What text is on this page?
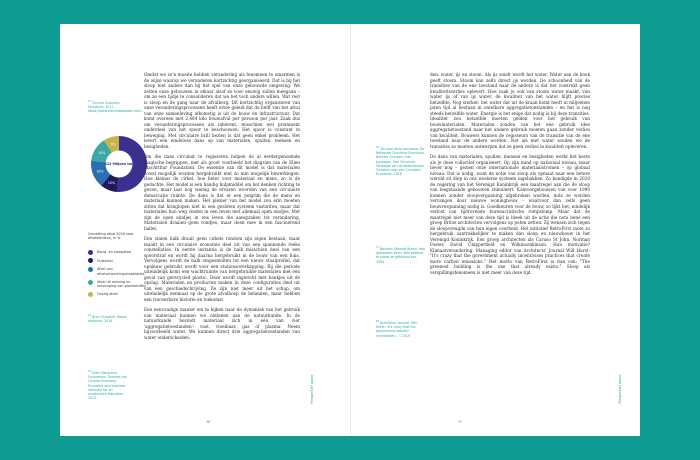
$^{13}$ Circular Economy Factsheet, 2017, https://www.wervelpadboek.com/...

10%
16%
14%
9%
412 Miljoen ton

Omzetting afval 2016 naar afvaldiensten, in %

Bouw- en sloopafval
Huisafval
Afval van afvalverwerkingsinstallaties
Afval uit winning en ontvanging van grondstoffen
Overig afval

$^{14}$ Bron: Eurostat, Waste statistics, 2018

$^{15}$ Ellen MacArthur Foundation, Towards the Circular Economy. Economic and business rationale for an accelerated transition, 2013

Omdat we zo'n moeite hebben verandering als fenomeen te omarmen is de wijze waarop we veranderen kortzichtig georganiseerd. Dat is bij het sloop niet anders dan bij het spel van onze gebouwde omgeving. We zetten onze gebouwen in elkaar alsof ze voor eeuwig zullen meegaan – om ze een tijdje te consolideren dat we het toch anders willen. Wat rest is sloop en de gang naar de afvalberg. Dit kortzichtig organiseren van onze veranderingsprocessen heeft ertoe geleid dat de helft van het afval van onze samenleving afkomstig is uit de bouw en infrastructuur. Dat komt overeen met 2.484 kilo bouwafval per persoon per jaar. Zaak dus om veranderingsprocessen als inherent, misschien wel prominent onderdeel van het spoor te beschouwen. Het spoor is constant in beweging. Met circulaire brill bezien is dat geen enkel probleem. Het levert een eindeloze dans op van materialen, spullen, mensen en bezigheden.

Om die dans circulair te regisseren helpen de al eerdergenoemde magische begrippen, met als groot voorbeeld het diagram van de Ellen MacArthur Foundation. De essentie van dit model is dat materialen zowel mogelijk worden hergebruikt met zo min mogelijk bewerkingen. Hoe kleiner de cirkel, hoe beter voor materiaal en mens, zo is de gedachte. Het model is een handig hulpmiddel om het denken richting te geven, maar laat nog weinig de ervaren woorden van een circulaire demarcatie ruimte. De dans is dat er een pelgrim die de mens en materiaal kunnen maken. Het plezier van het model zou erin moeten zitten dat kringlopen niet in een gesloten systeem vastzitten, maar dat materialen hun weg vinden in een leven met allemaal open eindjes. Met zijn de open eindjes in ons leven die aanspraken tot verandering. Materialen draaien geen rondjes, maar doen mee in een fascinerend ballet.

Een stalen balk draait geen cirkels rondom zijn eigen bestaan, maar maakt in een circulaire economie deel uit van een spannende reeks constellaties. In eerste instantie is de balk misschien deel van een spoorstraf en wordt hij daarna hergebruikt in de bouw van een huis. Vervolgens wordt de balk omgesmolten tot een nieuw staalprofiel, dat opnieuw gebruikt wordt voor een stationsoverkapping. Bij die periode uiteindelijk komt een wachtruimte van hergebruikte materialen met een geval van gerecycled plastic. Deze wordt ingericht met bankjes uit de opslag. Materialen en producten maken in deze configuraties deel uit van een geschiedschrijving. Ze zijn niet meer uit het schap, om uiteindelijk eenmaal op de grote afvalhoop de belanden, maar hebben een traceerbare historie en toekomst.

Een eenvoudige manier om te kijken naar de dynamiek van het gebruik van materiaal kunnen we ontlenen aan de natuurkunde. In de natuurkunde bevindt materiaal zich in één van vier 'aggregatietoestanden': vast, vloeibaar, gas of plasma. Neem bijvoorbeeld water. We kunnen direct drie aggregatietoestanden van water onderscheiden:

Perspectief spoor
36

$^{16}$ Zie voor deze aanname: De Nationale Circulaire Economie, Notities Circulair; met bijdragen. Een Circulaire Strategie van de Nederlandse Transitie naar een Circulaire Economie, 2018

$^{17}$ Bouwen Stewart Brand, Hoe gebouwen leren. Wat gebeurt er nadat ze gebouwd zijn, 1994

$^{18}$ Architects' Journal, Will Hurst: 'It's crazy that the government actually incentivises ...', 2019

den: water, ijs en stoom. Als ijs smelt wordt het water. Water aan de kook geeft stoom. Stoom kan zelfs direct ijs worden. De schoonheid van de transities van de ene toestand naar de andere is dat het volstrekt geen kwaliteitsverlies oplevert. Hoe vaak je ook van stoom water maakt, van water ijs of van ijs water, de kwaliteit van het water blijft precies hetzelfde. Nog sterker: het water dat uit de kraan komt heeft in miljoenen jaren tijd al bestaan in ontelbare aggregatietoestanden – en het is nog steeds hetzelfde water. Energie is het enige dat nodig is bij deze transities. Idealiter zou hetzelfde moeten gelden voor het gebruik van bouwmaterialen. Materialen zouden van het ene gebruik idee aggregatietoestand naar het andere gebruik moeten gaan zonder verlies van kwaliteit. Bouwers kunnen de regisseurs van de transitie van de ene toestand naar de andere worden. Net als met water zouden we de transities zo moeten ontwerpen dat ze geen verlies in kwaliteit opleveren.

De dans van materialen, spullen, mensen en bezigheden werkt het beste als je deze collectief organiseert. Op zijn mind op nationaal niveau, maar liever nog – gezien onze internationale materiaalstromen – op globaal niveau. Dat is nodig, want de notie van sloop als opmaat naar een betere wereld zit diep in ons westerse systeem ingebakken. Zo kondigde in 2020 de regering van het Verenigd Koninkrijk een maatregel aan die de sloop van leegstaande gebouwen stimuleert. Kantoorgebouwen van voor 1990 kunnen zonder sloopvergunning afgebroken worden, mits ze worden vervangen door nieuwe woningbouw – waarvoor dan zelfs geen bouwvergunning nodig is. Goedkeuren voor de bouw, zo lijkt het; eindelijk verlost van tijdrovende bureaucratische rompslomp. Maar dat de maatregel niet meer van deze tijd is bleek uit de actie die nota bene een groep Britse architecten vervolgens op poten zetten. Zij wensen zich tegen de sloopvreugde van hun eigen overheid. Het initiatief RetroFirst moet zo hergebruik aantrekkelijker te maken dan sloop en nieuwbouw in het Verenigd Koninkrijk. Een groep architecten als Caruso St John, Norman Foster, David Chipperfield en Wilkinsonkinson. Hun motivatie? Klimaatverandering. Managing editor van Architects' Journal Will Hurst: "It's crazy that the government actually incentivises practices that create more carbon emissions." Het motto van RetroFirst is dan ook: "The greenest building is the one that already exists." Sloop als verspillingsfenomeen is niet meer van deze tijd.

Perspectief spoor
37
